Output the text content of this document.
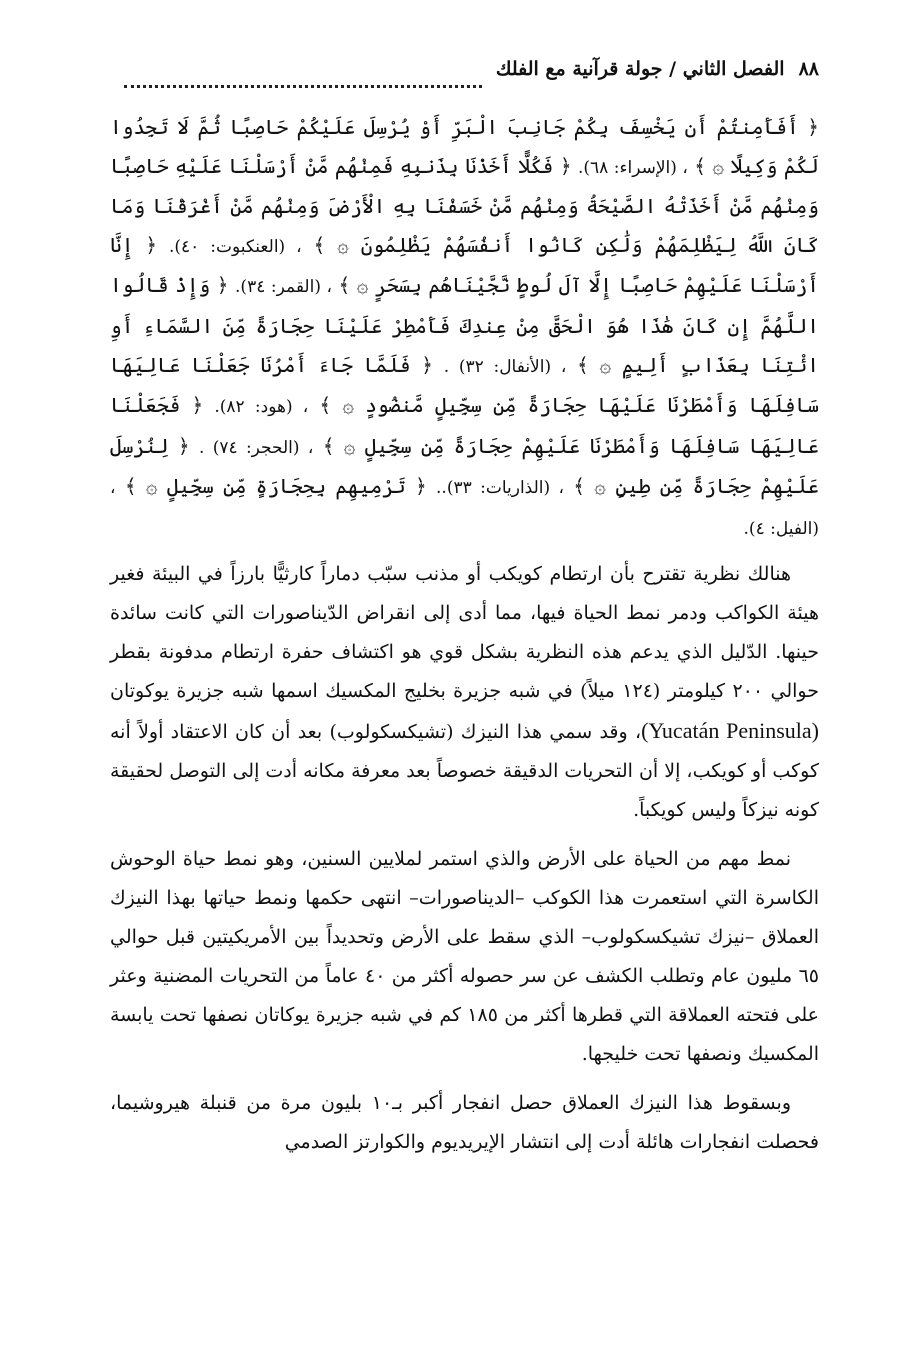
٨٨
الفصل الثاني / جولة قرآنية مع الفلك
﴿ أَفَأَمِنتُمْ أَن يَخْسِفَ بِكُمْ جَانِبَ الْبَرِّ أَوْ يُرْسِلَ عَلَيْكُمْ حَاصِبًا ثُمَّ لَا تَجِدُوا لَكُمْ وَكِيلًا ۞ ﴾ ، (الإسراء: ٦٨). ﴿ فَكُلًّا أَخَذْنَا بِذَنبِهِ فَمِنْهُم مَّنْ أَرْسَلْنَا عَلَيْهِ حَاصِبًا وَمِنْهُم مَّنْ أَخَذَتْهُ الصَّيْحَةُ وَمِنْهُم مَّنْ خَسَفْنَا بِهِ الْأَرْضَ وَمِنْهُم مَّنْ أَغْرَقْنَا وَمَا كَانَ اللَّهُ لِيَظْلِمَهُمْ وَلَٰكِن كَانُوا أَنفُسَهُمْ يَظْلِمُونَ ۞ ﴾ ، (العنكبوت: ٤٠). ﴿ إِنَّا أَرْسَلْنَا عَلَيْهِمْ حَاصِبًا إِلَّا آلَ لُوطٍ نَّجَّيْنَاهُم بِسَحَرٍ ۞ ﴾ ، (القمر: ٣٤). ﴿ وَإِذْ قَالُوا اللَّهُمَّ إِن كَانَ هَٰذَا هُوَ الْحَقَّ مِنْ عِندِكَ فَأَمْطِرْ عَلَيْنَا حِجَارَةً مِّنَ السَّمَاءِ أَوِ ائْتِنَا بِعَذَابٍ أَلِيمٍ ۞ ﴾ ، (الأنفال: ٣٢) . ﴿ فَلَمَّا جَاءَ أَمْرُنَا جَعَلْنَا عَالِيَهَا سَافِلَهَا وَأَمْطَرْنَا عَلَيْهَا حِجَارَةً مِّن سِجِّيلٍ مَّنضُودٍ ۞ ﴾ ، (هود: ٨٢). ﴿ فَجَعَلْنَا عَالِيَهَا سَافِلَهَا وَأَمْطَرْنَا عَلَيْهِمْ حِجَارَةً مِّن سِجِّيلٍ ۞ ﴾ ، (الحجر: ٧٤) . ﴿ لِنُرْسِلَ عَلَيْهِمْ حِجَارَةً مِّن طِينٍ ۞ ﴾ ، (الذاريات: ٣٣).. ﴿ تَرْمِيهِم بِحِجَارَةٍ مِّن سِجِّيلٍ ۞ ﴾ ، (الفيل: ٤).

هنالك نظرية تقترح بأن ارتطام كويكب أو مذنب سبّب دماراً كارثيًّا بارزاً في البيئة فغير هيئة الكواكب ودمر نمط الحياة فيها، مما أدى إلى انقراض الدّيناصورات التي كانت سائدة حينها. الدّليل الذي يدعم هذه النظرية بشكل قوي هو اكتشاف حفرة ارتطام مدفونة بقطر حوالي ٢٠٠ كيلومتر (١٢٤ ميلاً) في شبه جزيرة بخليج المكسيك اسمها شبه جزيرة يوكوتان (Yucatán Peninsula)، وقد سمي هذا النيزك (تشيكسكولوب) بعد أن كان الاعتقاد أولاً أنه كوكب أو كويكب، إلا أن التحريات الدقيقة خصوصاً بعد معرفة مكانه أدت إلى التوصل لحقيقة كونه نيزكاً وليس كويكباً.

نمط مهم من الحياة على الأرض والذي استمر لملايين السنين، وهو نمط حياة الوحوش الكاسرة التي استعمرت هذا الكوكب –الديناصورات– انتهى حكمها ونمط حياتها بهذا النيزك العملاق –نيزك تشيكسكولوب– الذي سقط على الأرض وتحديداً بين الأمريكيتين قبل حوالي ٦٥ مليون عام وتطلب الكشف عن سر حصوله أكثر من ٤٠ عاماً من التحريات المضنية وعثر على فتحته العملاقة التي قطرها أكثر من ١٨٥ كم في شبه جزيرة يوكاتان نصفها تحت يابسة المكسيك ونصفها تحت خليجها.

وبسقوط هذا النيزك العملاق حصل انفجار أكبر بـ١٠ بليون مرة من قنبلة هيروشيما، فحصلت انفجارات هائلة أدت إلى انتشار الإيريديوم والكوارتز الصدمي
